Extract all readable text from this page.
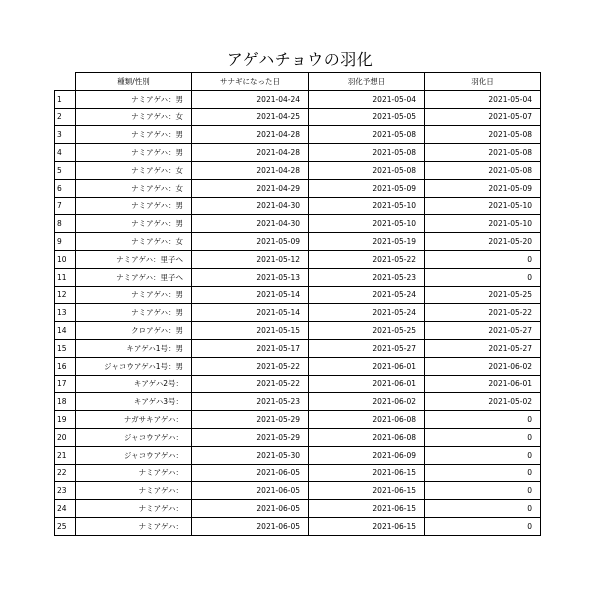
アゲハチョウの羽化
	種類/性別	サナギになった日	羽化予想日	羽化日
1	ナミアゲハ：男	2021-04-24	2021-05-04	2021-05-04
2	ナミアゲハ：女	2021-04-25	2021-05-05	2021-05-07
3	ナミアゲハ：男	2021-04-28	2021-05-08	2021-05-08
4	ナミアゲハ：男	2021-04-28	2021-05-08	2021-05-08
5	ナミアゲハ：女	2021-04-28	2021-05-08	2021-05-08
6	ナミアゲハ：女	2021-04-29	2021-05-09	2021-05-09
7	ナミアゲハ：男	2021-04-30	2021-05-10	2021-05-10
8	ナミアゲハ：男	2021-04-30	2021-05-10	2021-05-10
9	ナミアゲハ：女	2021-05-09	2021-05-19	2021-05-20
10	ナミアゲハ：里子へ	2021-05-12	2021-05-22	0
11	ナミアゲハ：里子へ	2021-05-13	2021-05-23	0
12	ナミアゲハ：男	2021-05-14	2021-05-24	2021-05-25
13	ナミアゲハ：男	2021-05-14	2021-05-24	2021-05-22
14	クロアゲハ：男	2021-05-15	2021-05-25	2021-05-27
15	キアゲハ1号：男	2021-05-17	2021-05-27	2021-05-27
16	ジャコウアゲハ1号：男	2021-05-22	2021-06-01	2021-06-02
17	キアゲハ2号：	2021-05-22	2021-06-01	2021-06-01
18	キアゲハ3号：	2021-05-23	2021-06-02	2021-05-02
19	ナガサキアゲハ：	2021-05-29	2021-06-08	0
20	ジャコウアゲハ：	2021-05-29	2021-06-08	0
21	ジャコウアゲハ：	2021-05-30	2021-06-09	0
22	ナミアゲハ：	2021-06-05	2021-06-15	0
23	ナミアゲハ：	2021-06-05	2021-06-15	0
24	ナミアゲハ：	2021-06-05	2021-06-15	0
25	ナミアゲハ：	2021-06-05	2021-06-15	0
